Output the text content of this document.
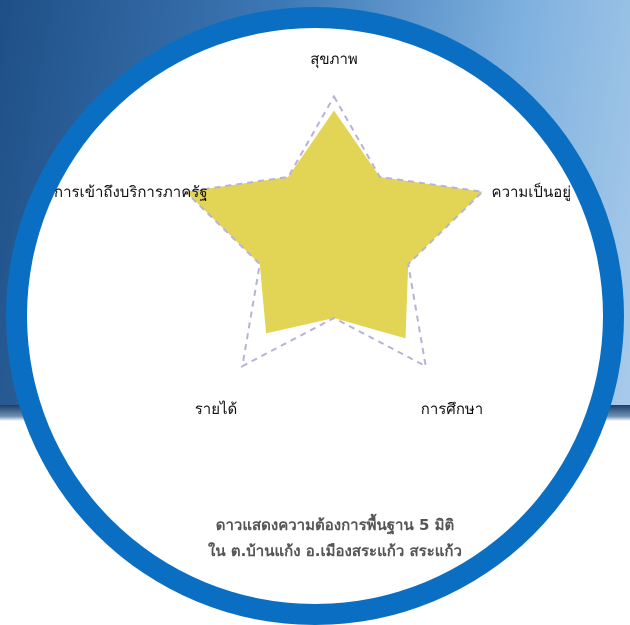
สุขภาพ
ความเป็นอยู่
การศึกษา
รายได้
การเข้าถึงบริการภาครัฐ
ดาวแสดงความต้องการพื้นฐาน 5 มิติ
ใน ต.บ้านแก้ง อ.เมืองสระแก้ว สระแก้ว
